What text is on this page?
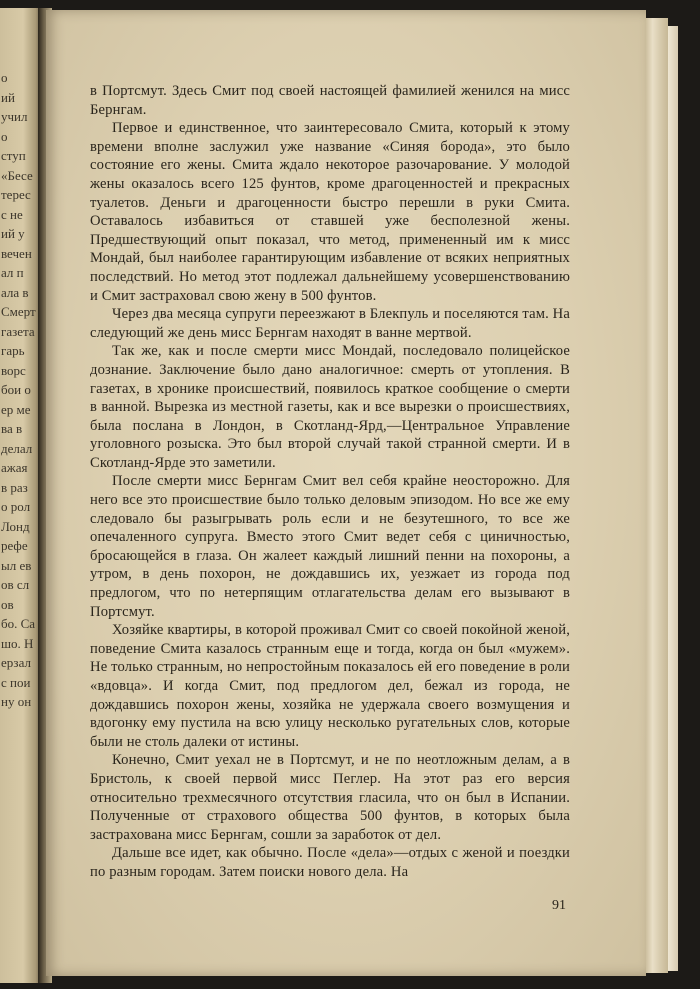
о
ий
учил
о
ступ
«Бесе
терес
с не
ий у
вечен
ал п
ала в
Смерт
газета
гарь
ворс
бои о
ер ме
ва в
делал
ажая
в раз
о рол
Лонд
рефе
ыл ев
ов сл
ов
бо. Са
шо. Н
ерзал
с пои
ну он

в Портсмут. Здесь Смит под своей настоящей фамилией женился на мисс Бернгам.

Первое и единственное, что заинтересовало Смита, который к этому времени вполне заслужил уже название «Синяя борода», это было состояние его жены. Смита ждало некоторое разочарование. У молодой жены оказалось всего 125 фунтов, кроме драгоценностей и прекрасных туалетов. Деньги и драгоценности быстро перешли в руки Смита. Оставалось избавиться от ставшей уже бесполезной жены. Предшествующий опыт показал, что метод, примененный им к мисс Мондай, был наиболее гарантирующим избавление от всяких неприятных последствий. Но метод этот подлежал дальнейшему усовершенствованию и Смит застраховал свою жену в 500 фунтов.

Через два месяца супруги переезжают в Блекпуль и поселяются там. На следующий же день мисс Бернгам находят в ванне мертвой.

Так же, как и после смерти мисс Мондай, последовало полицейское дознание. Заключение было дано аналогичное: смерть от утопления. В газетах, в хронике происшествий, появилось краткое сообщение о смерти в ванной. Вырезка из местной газеты, как и все вырезки о происшествиях, была послана в Лондон, в Скотланд-Ярд,—Центральное Управление уголовного розыска. Это был второй случай такой странной смерти. И в Скотланд-Ярде это заметили.

После смерти мисс Бернгам Смит вел себя крайне неосторожно. Для него все это происшествие было только деловым эпизодом. Но все же ему следовало бы разыгрывать роль если и не безутешного, то все же опечаленного супруга. Вместо этого Смит ведет себя с циничностью, бросающейся в глаза. Он жалеет каждый лишний пенни на похороны, а утром, в день похорон, не дождавшись их, уезжает из города под предлогом, что по нетерпящим отлагательства делам его вызывают в Портсмут.

Хозяйке квартиры, в которой проживал Смит со своей покойной женой, поведение Смита казалось странным еще и тогда, когда он был «мужем». Не только странным, но непростойным показалось ей его поведение в роли «вдовца». И когда Смит, под предлогом дел, бежал из города, не дождавшись похорон жены, хозяйка не удержала своего возмущения и вдогонку ему пустила на всю улицу несколько ругательных слов, которые были не столь далеки от истины.

Конечно, Смит уехал не в Портсмут, и не по неотложным делам, а в Бристоль, к своей первой мисс Пеглер. На этот раз его версия относительно трехмесячного отсутствия гласила, что он был в Испании. Полученные от страхового общества 500 фунтов, в которых была застрахована мисс Бернгам, сошли за заработок от дел.

Дальше все идет, как обычно. После «дела»—отдых с женой и поездки по разным городам. Затем поиски нового дела. На

91
